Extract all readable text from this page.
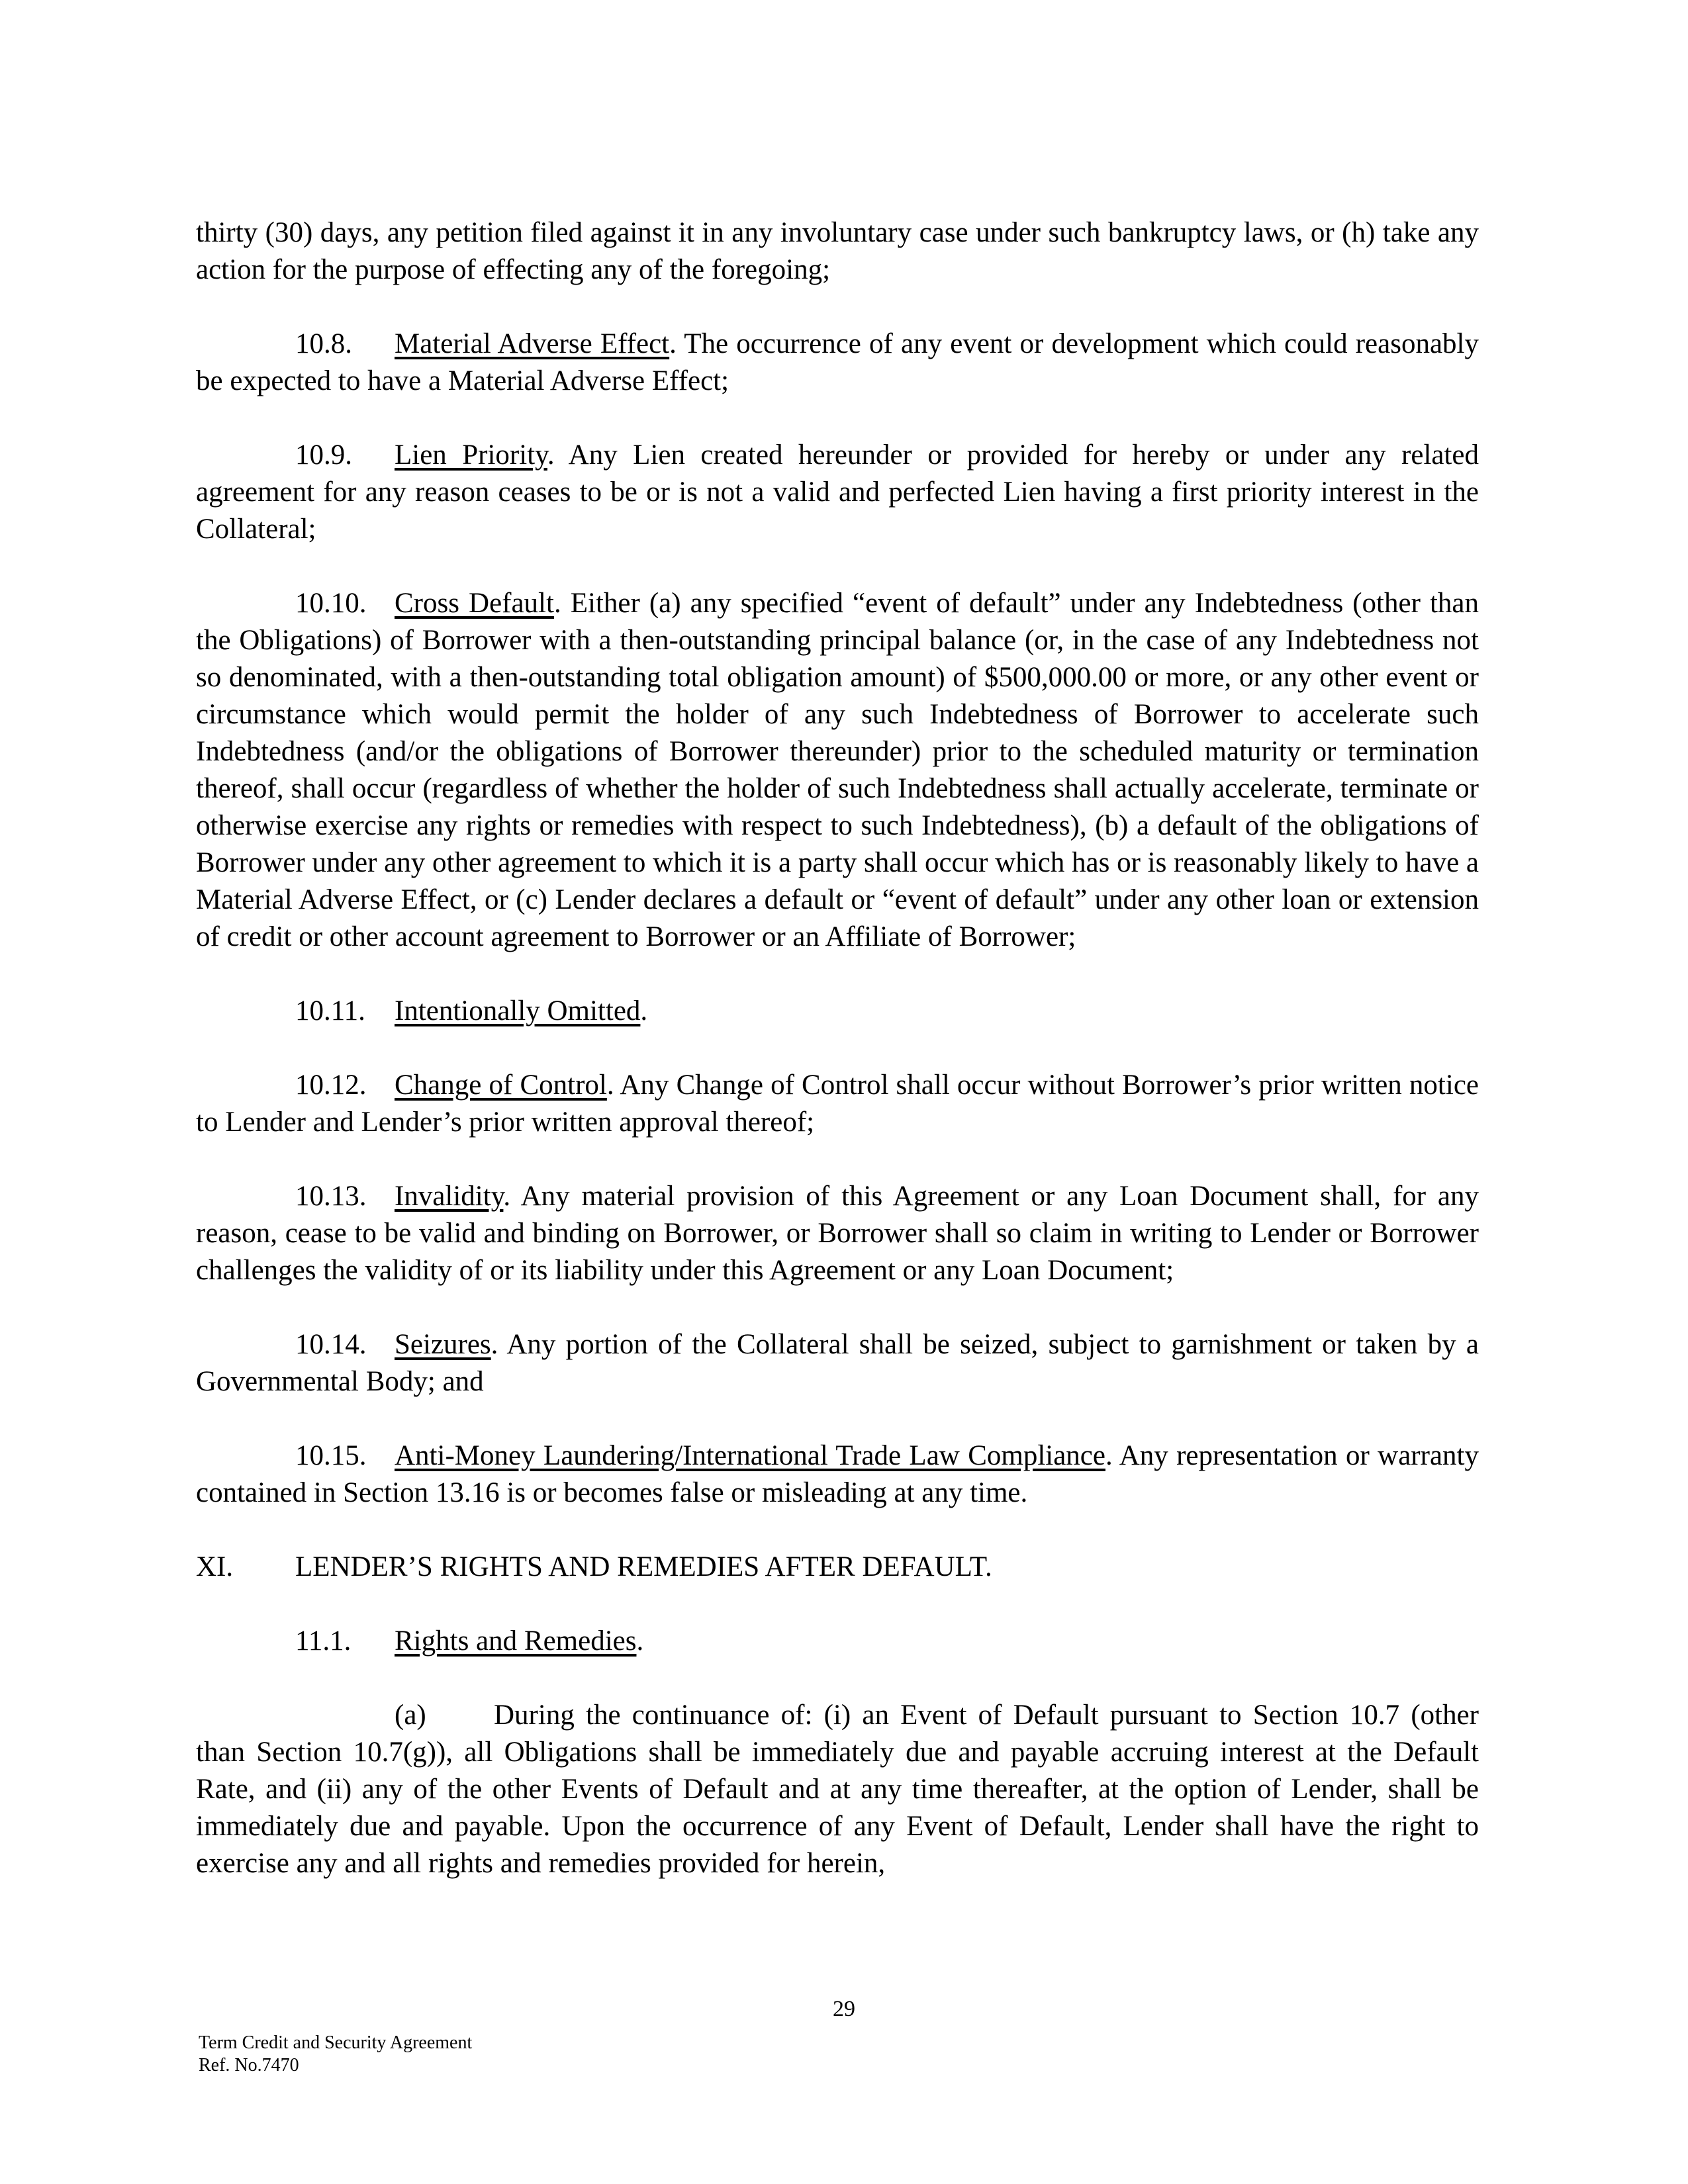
thirty (30) days, any petition filed against it in any involuntary case under such bankruptcy laws, or (h) take any action for the purpose of effecting any of the foregoing;

10.8. Material Adverse Effect. The occurrence of any event or development which could reasonably be expected to have a Material Adverse Effect;

10.9. Lien Priority. Any Lien created hereunder or provided for hereby or under any related agreement for any reason ceases to be or is not a valid and perfected Lien having a first priority interest in the Collateral;

10.10. Cross Default. Either (a) any specified “event of default” under any Indebtedness (other than the Obligations) of Borrower with a then-outstanding principal balance (or, in the case of any Indebtedness not so denominated, with a then-outstanding total obligation amount) of $500,000.00 or more, or any other event or circumstance which would permit the holder of any such Indebtedness of Borrower to accelerate such Indebtedness (and/or the obligations of Borrower thereunder) prior to the scheduled maturity or termination thereof, shall occur (regardless of whether the holder of such Indebtedness shall actually accelerate, terminate or otherwise exercise any rights or remedies with respect to such Indebtedness), (b) a default of the obligations of Borrower under any other agreement to which it is a party shall occur which has or is reasonably likely to have a Material Adverse Effect, or (c) Lender declares a default or “event of default” under any other loan or extension of credit or other account agreement to Borrower or an Affiliate of Borrower;

10.11. Intentionally Omitted.

10.12. Change of Control. Any Change of Control shall occur without Borrower’s prior written notice to Lender and Lender’s prior written approval thereof;

10.13. Invalidity. Any material provision of this Agreement or any Loan Document shall, for any reason, cease to be valid and binding on Borrower, or Borrower shall so claim in writing to Lender or Borrower challenges the validity of or its liability under this Agreement or any Loan Document;

10.14. Seizures. Any portion of the Collateral shall be seized, subject to garnishment or taken by a Governmental Body; and

10.15. Anti-Money Laundering/International Trade Law Compliance. Any representation or warranty contained in Section 13.16 is or becomes false or misleading at any time.

XI. LENDER’S RIGHTS AND REMEDIES AFTER DEFAULT.

11.1. Rights and Remedies.

(a) During the continuance of: (i) an Event of Default pursuant to Section 10.7 (other than Section 10.7(g)), all Obligations shall be immediately due and payable accruing interest at the Default Rate, and (ii) any of the other Events of Default and at any time thereafter, at the option of Lender, shall be immediately due and payable. Upon the occurrence of any Event of Default, Lender shall have the right to exercise any and all rights and remedies provided for herein,

29
Term Credit and Security Agreement
Ref. No.7470
